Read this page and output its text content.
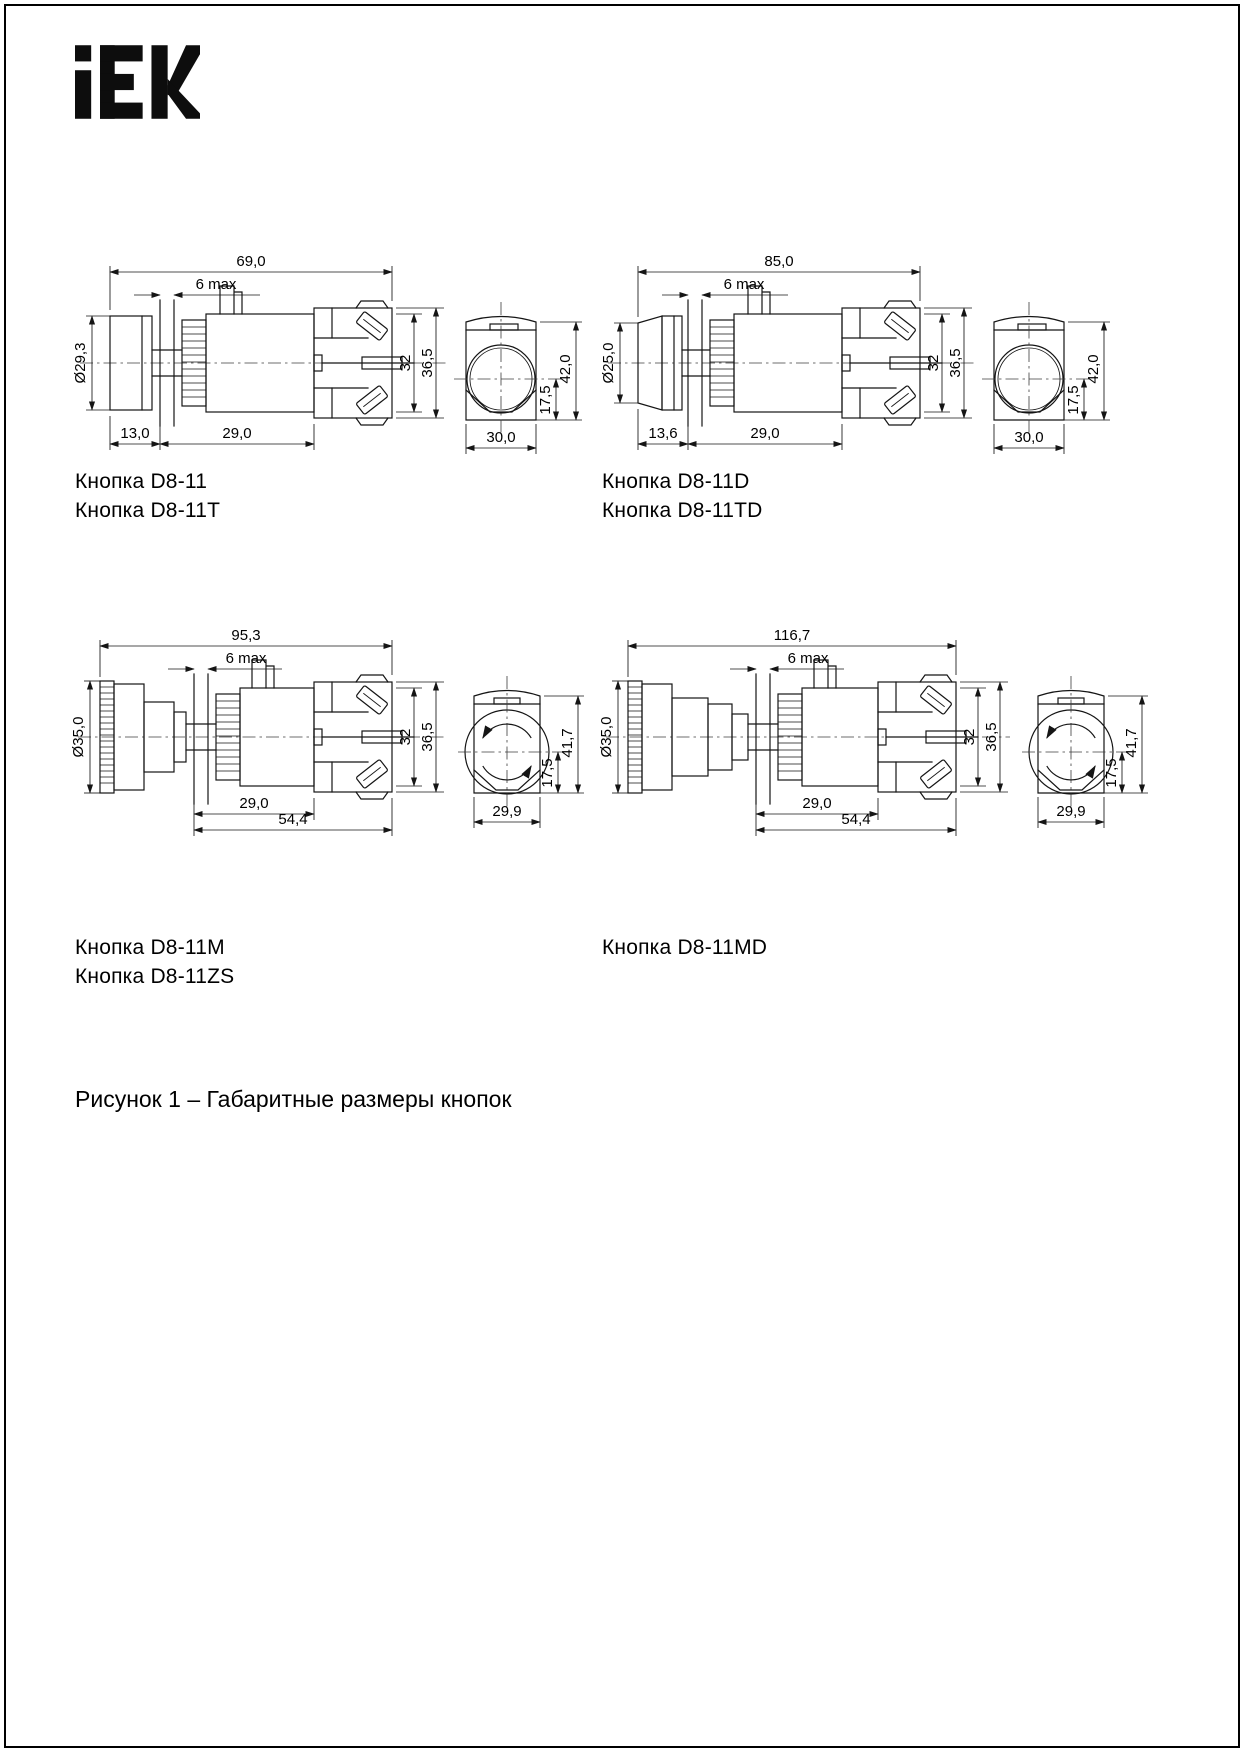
69,0
6 max
Ø29,3	32 36,5
13,0	29,0	30,0
17,5
42,0
Кнопка D8-11
Кнопка D8-11T
85,0
6 max
Ø25,0	32 36,5
13,6	29,0	30,0
17,5
42,0
Кнопка D8-11D
Кнопка D8-11TD
95,3
6 max
Ø35,0	32 36,5
29,0
54,4	29,9
17,5
41,7
Кнопка D8-11M
Кнопка D8-11ZS
116,7
6 max
Ø35,0	32 36,5
29,0
54,4	29,9
17,5
41,7
Кнопка D8-11MD
Рисунок 1 – Габаритные размеры кнопок
